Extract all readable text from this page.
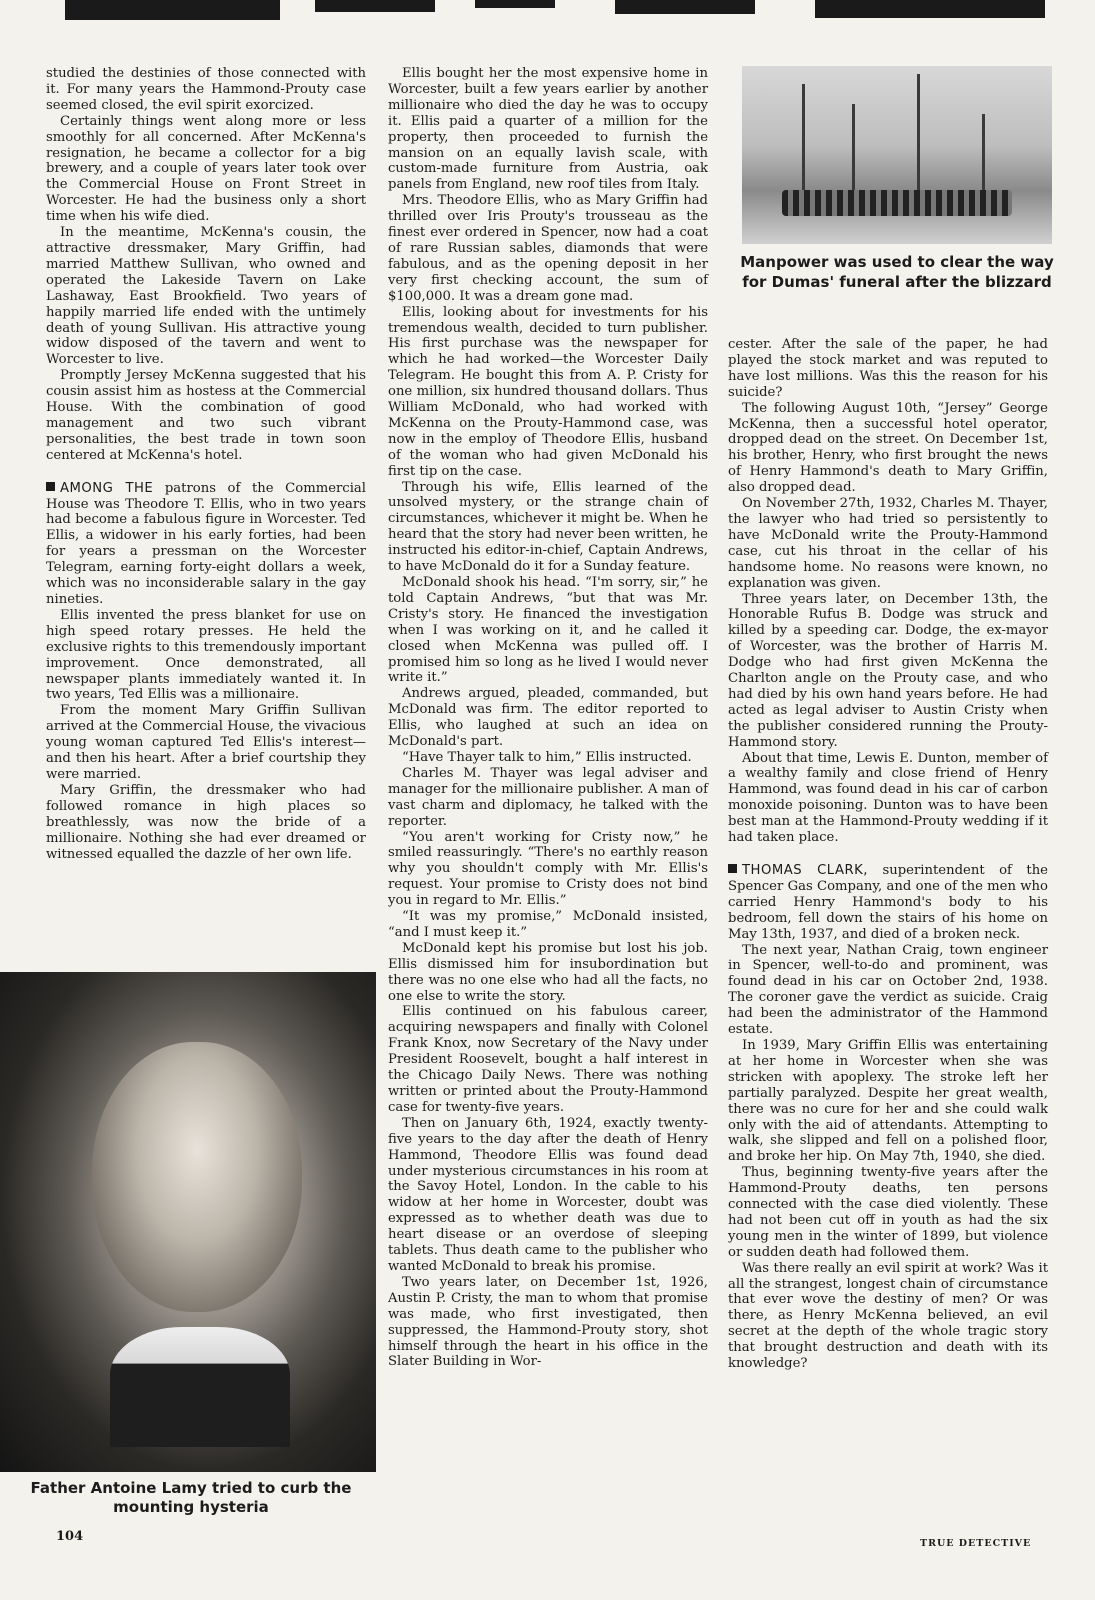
studied the destinies of those connected with it. For many years the Hammond-Prouty case seemed closed, the evil spirit exorcized.

Certainly things went along more or less smoothly for all concerned. After McKenna's resignation, he became a collector for a big brewery, and a couple of years later took over the Commercial House on Front Street in Worcester. He had the business only a short time when his wife died.

In the meantime, McKenna's cousin, the attractive dressmaker, Mary Griffin, had married Matthew Sullivan, who owned and operated the Lakeside Tavern on Lake Lashaway, East Brookfield. Two years of happily married life ended with the untimely death of young Sullivan. His attractive young widow disposed of the tavern and went to Worcester to live.

Promptly Jersey McKenna suggested that his cousin assist him as hostess at the Commercial House. With the combination of good management and two such vibrant personalities, the best trade in town soon centered at McKenna's hotel.

AMONG THE patrons of the Commercial House was Theodore T. Ellis, who in two years had become a fabulous figure in Worcester. Ted Ellis, a widower in his early forties, had been for years a pressman on the Worcester Telegram, earning forty-eight dollars a week, which was no inconsiderable salary in the gay nineties.

Ellis invented the press blanket for use on high speed rotary presses. He held the exclusive rights to this tremendously important improvement. Once demonstrated, all newspaper plants immediately wanted it. In two years, Ted Ellis was a millionaire.

From the moment Mary Griffin Sullivan arrived at the Commercial House, the vivacious young woman captured Ted Ellis's interest—and then his heart. After a brief courtship they were married.

Mary Griffin, the dressmaker who had followed romance in high places so breathlessly, was now the bride of a millionaire. Nothing she had ever dreamed or witnessed equalled the dazzle of her own life.

Ellis bought her the most expensive home in Worcester, built a few years earlier by another millionaire who died the day he was to occupy it. Ellis paid a quarter of a million for the property, then proceeded to furnish the mansion on an equally lavish scale, with custom-made furniture from Austria, oak panels from England, new roof tiles from Italy.

Mrs. Theodore Ellis, who as Mary Griffin had thrilled over Iris Prouty's trousseau as the finest ever ordered in Spencer, now had a coat of rare Russian sables, diamonds that were fabulous, and as the opening deposit in her very first checking account, the sum of $100,000. It was a dream gone mad.

Ellis, looking about for investments for his tremendous wealth, decided to turn publisher. His first purchase was the newspaper for which he had worked—the Worcester Daily Telegram. He bought this from A. P. Cristy for one million, six hundred thousand dollars. Thus William McDonald, who had worked with McKenna on the Prouty-Hammond case, was now in the employ of Theodore Ellis, husband of the woman who had given McDonald his first tip on the case.

Through his wife, Ellis learned of the unsolved mystery, or the strange chain of circumstances, whichever it might be. When he heard that the story had never been written, he instructed his editor-in-chief, Captain Andrews, to have McDonald do it for a Sunday feature.

McDonald shook his head. “I'm sorry, sir,” he told Captain Andrews, “but that was Mr. Cristy's story. He financed the investigation when I was working on it, and he called it closed when McKenna was pulled off. I promised him so long as he lived I would never write it.”

Andrews argued, pleaded, commanded, but McDonald was firm. The editor reported to Ellis, who laughed at such an idea on McDonald's part.

“Have Thayer talk to him,” Ellis instructed.

Charles M. Thayer was legal adviser and manager for the millionaire publisher. A man of vast charm and diplomacy, he talked with the reporter.

“You aren't working for Cristy now,” he smiled reassuringly. “There's no earthly reason why you shouldn't comply with Mr. Ellis's request. Your promise to Cristy does not bind you in regard to Mr. Ellis.”

“It was my promise,” McDonald insisted, “and I must keep it.”

McDonald kept his promise but lost his job. Ellis dismissed him for insubordination but there was no one else who had all the facts, no one else to write the story.

Ellis continued on his fabulous career, acquiring newspapers and finally with Colonel Frank Knox, now Secretary of the Navy under President Roosevelt, bought a half interest in the Chicago Daily News. There was nothing written or printed about the Prouty-Hammond case for twenty-five years.

Then on January 6th, 1924, exactly twenty-five years to the day after the death of Henry Hammond, Theodore Ellis was found dead under mysterious circumstances in his room at the Savoy Hotel, London. In the cable to his widow at her home in Worcester, doubt was expressed as to whether death was due to heart disease or an overdose of sleeping tablets. Thus death came to the publisher who wanted McDonald to break his promise.

Two years later, on December 1st, 1926, Austin P. Cristy, the man to whom that promise was made, who first investigated, then suppressed, the Hammond-Prouty story, shot himself through the heart in his office in the Slater Building in Wor-

Manpower was used to clear the way for Dumas' funeral after the blizzard

cester. After the sale of the paper, he had played the stock market and was reputed to have lost millions. Was this the reason for his suicide?

The following August 10th, “Jersey” George McKenna, then a successful hotel operator, dropped dead on the street. On December 1st, his brother, Henry, who first brought the news of Henry Hammond's death to Mary Griffin, also dropped dead.

On November 27th, 1932, Charles M. Thayer, the lawyer who had tried so persistently to have McDonald write the Prouty-Hammond case, cut his throat in the cellar of his handsome home. No reasons were known, no explanation was given.

Three years later, on December 13th, the Honorable Rufus B. Dodge was struck and killed by a speeding car. Dodge, the ex-mayor of Worcester, was the brother of Harris M. Dodge who had first given McKenna the Charlton angle on the Prouty case, and who had died by his own hand years before. He had acted as legal adviser to Austin Cristy when the publisher considered running the Prouty-Hammond story.

About that time, Lewis E. Dunton, member of a wealthy family and close friend of Henry Hammond, was found dead in his car of carbon monoxide poisoning. Dunton was to have been best man at the Hammond-Prouty wedding if it had taken place.

THOMAS CLARK, superintendent of the Spencer Gas Company, and one of the men who carried Henry Hammond's body to his bedroom, fell down the stairs of his home on May 13th, 1937, and died of a broken neck.

The next year, Nathan Craig, town engineer in Spencer, well-to-do and prominent, was found dead in his car on October 2nd, 1938. The coroner gave the verdict as suicide. Craig had been the administrator of the Hammond estate.

In 1939, Mary Griffin Ellis was entertaining at her home in Worcester when she was stricken with apoplexy. The stroke left her partially paralyzed. Despite her great wealth, there was no cure for her and she could walk only with the aid of attendants. Attempting to walk, she slipped and fell on a polished floor, and broke her hip. On May 7th, 1940, she died.

Thus, beginning twenty-five years after the Hammond-Prouty deaths, ten persons connected with the case died violently. These had not been cut off in youth as had the six young men in the winter of 1899, but violence or sudden death had followed them.

Was there really an evil spirit at work? Was it all the strangest, longest chain of circumstance that ever wove the destiny of men? Or was there, as Henry McKenna believed, an evil secret at the depth of the whole tragic story that brought destruction and death with its knowledge?

Father Antoine Lamy tried to curb the mounting hysteria
104	TRUE DETECTIVE
